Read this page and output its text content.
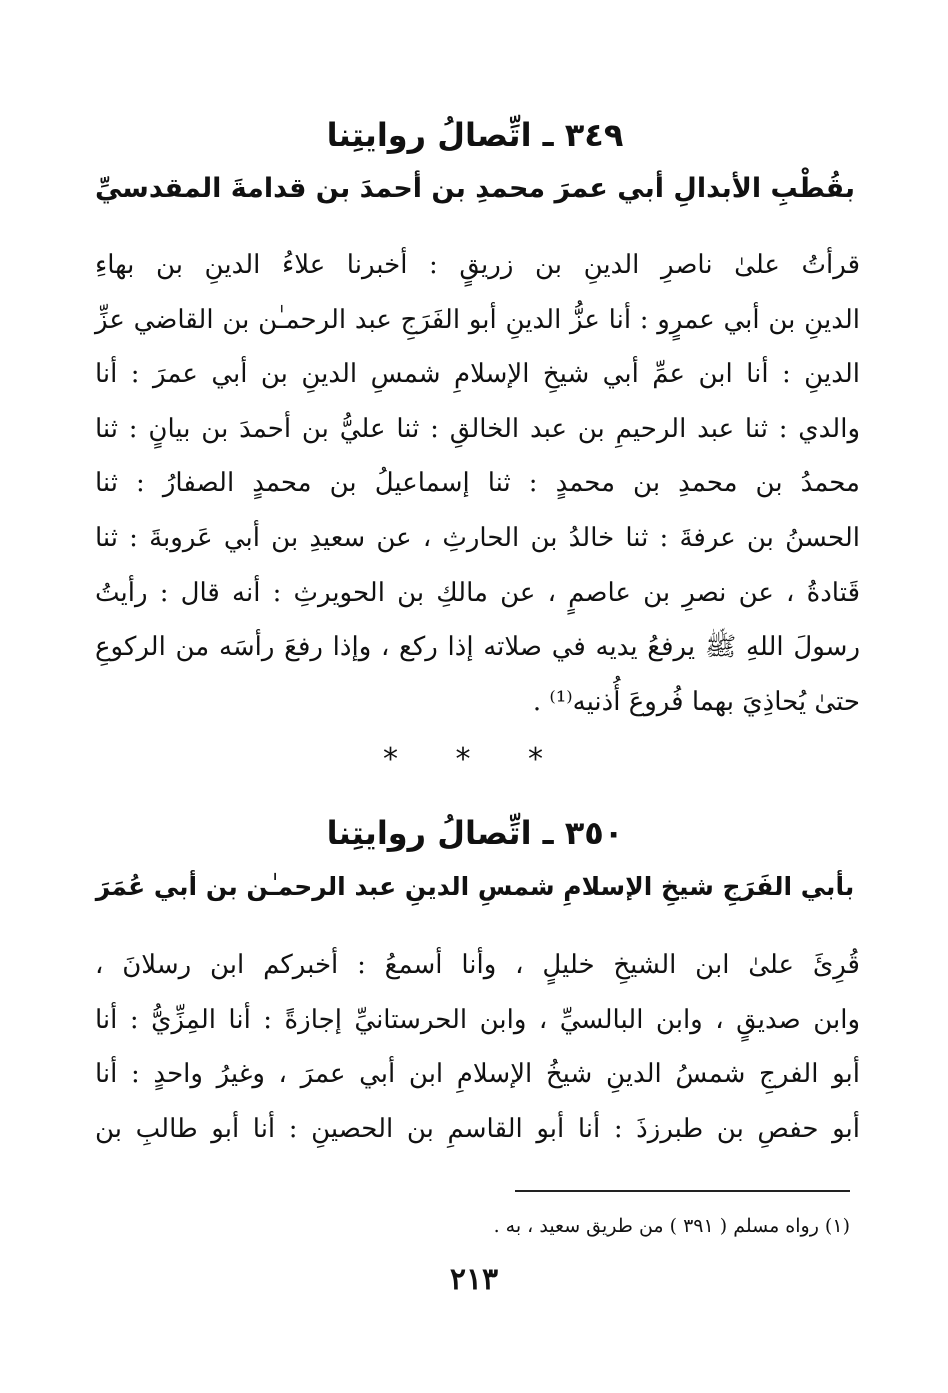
٣٤٩ ـ اتِّصالُ روايتِنا
بقُطْبِ الأبدالِ أبي عمرَ محمدِ بن أحمدَ بن قدامةَ المقدسيِّ
قرأتُ علىٰ ناصرِ الدينِ بن زريقٍ : أخبرنا علاءُ الدينِ بن بهاءِ
الدينِ بن أبي عمرٍو : أنا عزُّ الدينِ أبو الفَرَجِ عبد الرحمـٰن بن القاضي عزِّ
الدينِ : أنا ابن عمِّ أبي شيخِ الإسلامِ شمسِ الدينِ بن أبي عمرَ : أنا
والدي : ثنا عبد الرحيمِ بن عبد الخالقِ : ثنا عليُّ بن أحمدَ بن بيانٍ : ثنا
محمدُ بن محمدِ بن محمدٍ : ثنا إسماعيلُ بن محمدٍ الصفارُ : ثنا
الحسنُ بن عرفةَ : ثنا خالدُ بن الحارثِ ، عن سعيدِ بن أبي عَروبةَ : ثنا
قَتادةُ ، عن نصرِ بن عاصمٍ ، عن مالكِ بن الحويرثِ : أنه قال : رأيتُ
رسولَ اللهِ ﷺ يرفعُ يديه في صلاته إذا ركع ، وإذا رفعَ رأسَه من الركوعِ
حتىٰ يُحاذِيَ بهما فُروعَ أُذنيه⁽¹⁾ .
* * *
٣٥٠ ـ اتِّصالُ روايتِنا
بأبي الفَرَجِ شيخِ الإسلامِ شمسِ الدينِ عبد الرحمـٰن بن أبي عُمَرَ
قُرِئَ علىٰ ابن الشيخِ خليلٍ ، وأنا أسمعُ : أخبركم ابن رسلانَ ،
وابن صديقٍ ، وابن البالسيِّ ، وابن الحرستانيِّ إجازةً : أنا المِزِّيُّ : أنا
أبو الفرجِ شمسُ الدينِ شيخُ الإسلامِ ابن أبي عمرَ ، وغيرُ واحدٍ : أنا
أبو حفصِ بن طبرزذَ : أنا أبو القاسمِ بن الحصينِ : أنا أبو طالبِ بن
(١) رواه مسلم ( ٣٩١ ) من طريق سعيد ، به .
٢١٣
